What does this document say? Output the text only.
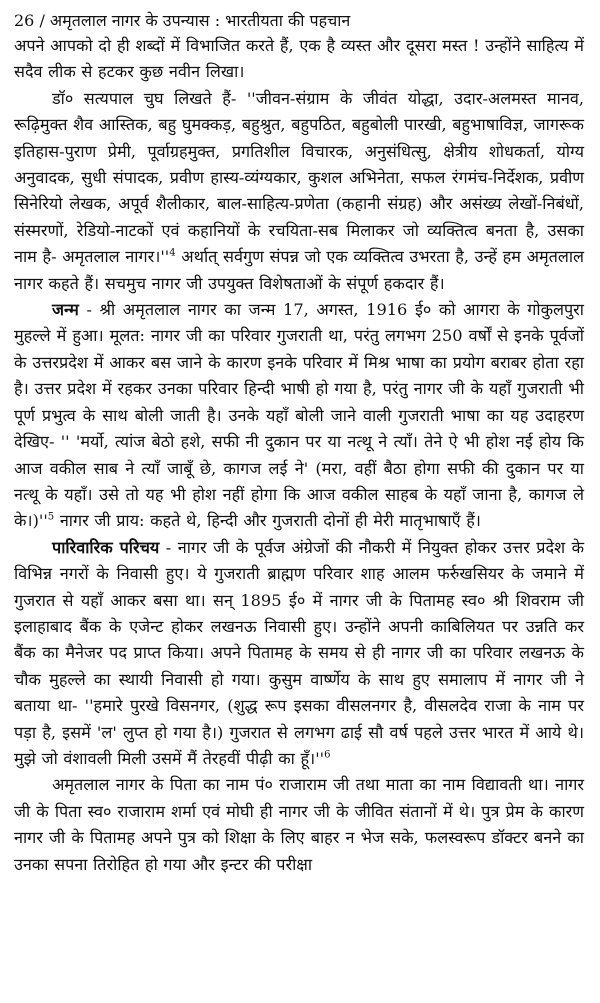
26 / अमृतलाल नागर के उपन्यास : भारतीयता की पहचान

अपने आपको दो ही शब्दों में विभाजित करते हैं, एक है व्यस्त और दूसरा मस्त ! उन्होंने साहित्य में सदैव लीक से हटकर कुछ नवीन लिखा।

डॉ० सत्यपाल चुघ लिखते हैं- ''जीवन-संग्राम के जीवंत योद्धा, उदार-अलमस्त मानव, रूढ़िमुक्त शैव आस्तिक, बहु घुमक्कड़, बहुश्रुत, बहुपठित, बहुबोली पारखी, बहुभाषाविज्ञ, जागरूक इतिहास-पुराण प्रेमी, पूर्वाग्रहमुक्त, प्रगतिशील विचारक, अनुसंधित्सु, क्षेत्रीय शोधकर्ता, योग्य अनुवादक, सुधी संपादक, प्रवीण हास्य-व्यंग्यकार, कुशल अभिनेता, सफल रंगमंच-निर्देशक, प्रवीण सिनेरियो लेखक, अपूर्व शैलीकार, बाल-साहित्य-प्रणेता (कहानी संग्रह) और असंख्य लेखों-निबंधों, संस्मरणों, रेडियो-नाटकों एवं कहानियों के रचयिता-सब मिलाकर जो व्यक्तित्व बनता है, उसका नाम है- अमृतलाल नागर।''$^4$ अर्थात् सर्वगुण संपन्न जो एक व्यक्तित्व उभरता है, उन्हें हम अमृतलाल नागर कहते हैं। सचमुच नागर जी उपयुक्त विशेषताओं के संपूर्ण हकदार हैं।

जन्म - श्री अमृतलाल नागर का जन्म 17, अगस्त, 1916 ई० को आगरा के गोकुलपुरा मुहल्ले में हुआ। मूलत: नागर जी का परिवार गुजराती था, परंतु लगभग 250 वर्षों से इनके पूर्वजों के उत्तरप्रदेश में आकर बस जाने के कारण इनके परिवार में मिश्र भाषा का प्रयोग बराबर होता रहा है। उत्तर प्रदेश में रहकर उनका परिवार हिन्दी भाषी हो गया है, परंतु नागर जी के यहाँ गुजराती भी पूर्ण प्रभुत्व के साथ बोली जाती है। उनके यहाँ बोली जाने वाली गुजराती भाषा का यह उदाहरण देखिए- '' 'मर्यो, त्यांज बेठो हशे, सफी नी दुकान पर या नत्थू ने त्याँ। तेने ऐ भी होश नई होय कि आज वकील साब ने त्याँ जाबूँ छे, कागज लई ने' (मरा, वहीं बैठा होगा सफी की दुकान पर या नत्थू के यहाँ। उसे तो यह भी होश नहीं होगा कि आज वकील साहब के यहाँ जाना है, कागज ले के।)''$^5$ नागर जी प्राय: कहते थे, हिन्दी और गुजराती दोनों ही मेरी मातृभाषाएँ हैं।

पारिवारिक परिचय - नागर जी के पूर्वज अंग्रेजों की नौकरी में नियुक्त होकर उत्तर प्रदेश के विभिन्न नगरों के निवासी हुए। ये गुजराती ब्राह्मण परिवार शाह आलम फर्रुखसियर के जमाने में गुजरात से यहाँ आकर बसा था। सन् 1895 ई० में नागर जी के पितामह स्व० श्री शिवराम जी इलाहाबाद बैंक के एजेन्ट होकर लखनऊ निवासी हुए। उन्होंने अपनी काबिलियत पर उन्नति कर बैंक का मैनेजर पद प्राप्त किया। अपने पितामह के समय से ही नागर जी का परिवार लखनऊ के चौक मुहल्ले का स्थायी निवासी हो गया। कुसुम वार्ष्णेय के साथ हुए समालाप में नागर जी ने बताया था- ''हमारे पुरखे विसनगर, (शुद्ध रूप इसका वीसलनगर है, वीसलदेव राजा के नाम पर पड़ा है, इसमें 'ल' लुप्त हो गया है।) गुजरात से लगभग ढाई सौ वर्ष पहले उत्तर भारत में आये थे। मुझे जो वंशावली मिली उसमें मैं तेरहवीं पीढ़ी का हूँ।''$^6$

अमृतलाल नागर के पिता का नाम पं० राजाराम जी तथा माता का नाम विद्यावती था। नागर जी के पिता स्व० राजाराम शर्मा एवं मोघी ही नागर जी के जीवित संतानों में थे। पुत्र प्रेम के कारण नागर जी के पितामह अपने पुत्र को शिक्षा के लिए बाहर न भेज सके, फलस्वरूप डॉक्टर बनने का उनका सपना तिरोहित हो गया और इन्टर की परीक्षा
